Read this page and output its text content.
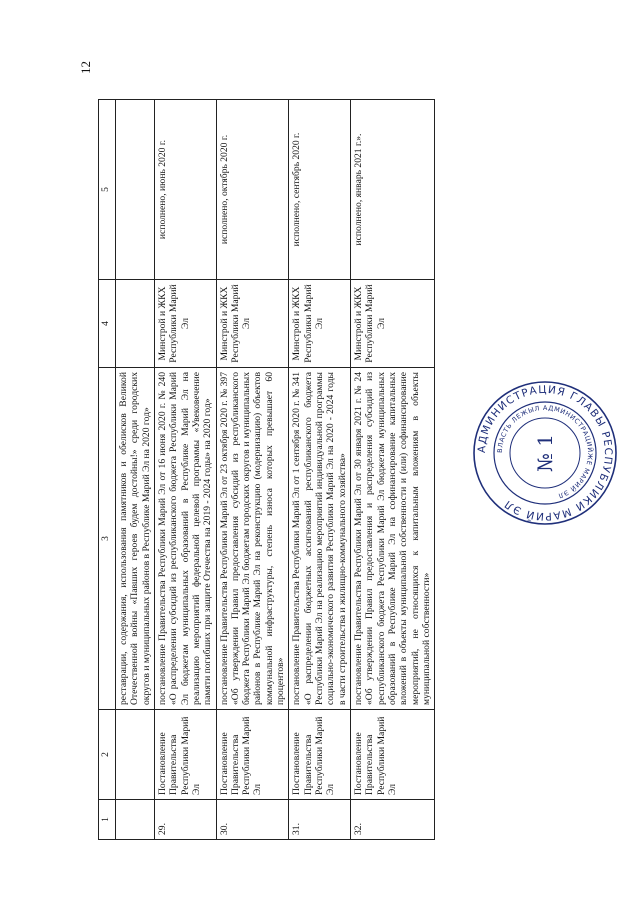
12
1	2	3	4	5
		реставрации, содержания, использования памятников и обелисков Великой Отечественной войны «Павших героев будем достойны!» среди городских округов и муниципальных районов в Республике Марий Эл на 2020 год»		
29.	Постановление Правительства Республики Марий Эл	постановление Правительства Республики Марий Эл от 16 июня 2020 г. № 240 «О распределении субсидий из республиканского бюджета Республики Марий Эл бюджетам муниципальных образований в Республике Марий Эл на реализацию мероприятий федеральной целевой программы «Увековечение памяти погибших при защите Отечества на 2019 - 2024 годы» на 2020 год»	Минстрой и ЖКХ Республики Марий Эл	исполнено, июнь 2020 г.
30.	Постановление Правительства Республики Марий Эл	постановление Правительства Республики Марий Эл от 23 октября 2020 г. № 397 «Об утверждении Правил предоставления субсидий из республиканского бюджета Республики Марий Эл бюджетам городских округов и муниципальных районов в Республике Марий Эл на реконструкцию (модернизацию) объектов коммунальной инфраструктуры, степень износа которых превышает 60 процентов»	Минстрой и ЖКХ Республики Марий Эл	исполнено, октябрь 2020 г.
31.	Постановление Правительства Республики Марий Эл	постановление Правительства Республики Марий Эл от 1 сентября 2020 г. № 341 «О распределении бюджетных ассигнований республиканского бюджета Республики Марий Эл на реализацию мероприятий индивидуальной программы социально-экономического развития Республики Марий Эл на 2020 - 2024 годы в части строительства и жилищно-коммунального хозяйства»	Минстрой и ЖКХ Республики Марий Эл	исполнено, сентябрь 2020 г.
32.	Постановление Правительства Республики Марий Эл	постановление Правительства Республики Марий Эл от 30 января 2021 г. № 24 «Об утверждении Правил предоставления и распределения субсидий из республиканского бюджета Республики Марий Эл бюджетам муниципальных образований в Республике Марий Эл на софинансирование капитальных вложений в объекты муниципальной собственности и (или) софинансирование мероприятий, не относящихся к капитальным вложениям в объекты муниципальной собственности»	Минстрой и ЖКХ Республики Марий Эл	исполнено, январь 2021 г.».
АДМИНИСТРАЦИЯ ГЛАВЫ РЕСПУБЛИКИ МАРИЙ ЭЛ
ВЛАСТЬ ЛЕЖЫЛ АДМИНИСТРАЦИЙЖЕ МАРИЙ ЭЛ
№ 1
